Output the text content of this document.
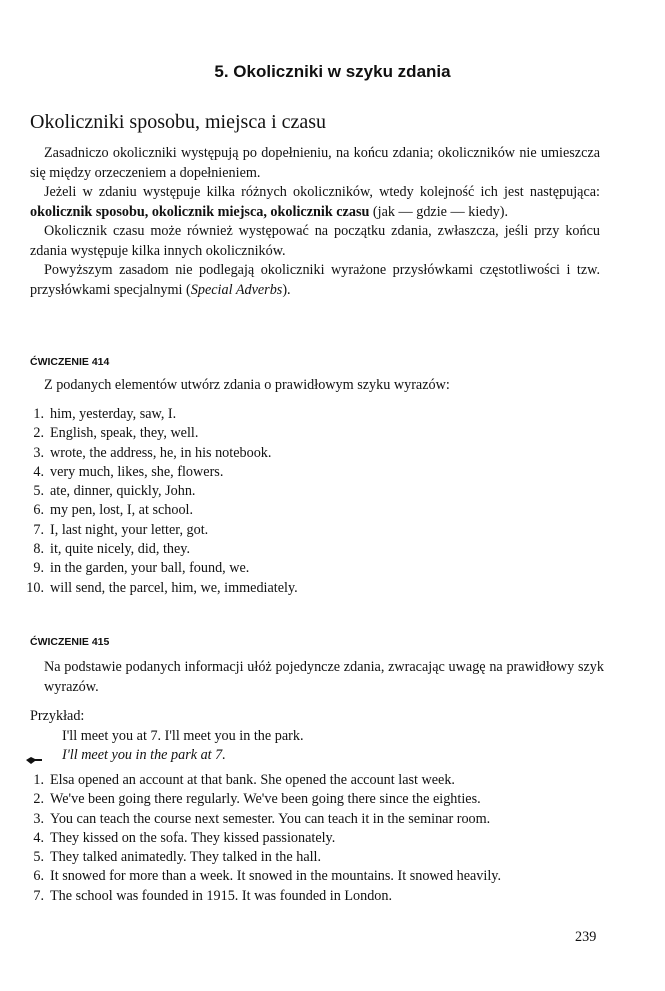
5. Okoliczniki w szyku zdania
Okoliczniki sposobu, miejsca i czasu

Zasadniczo okoliczniki występują po dopełnieniu, na końcu zdania; okoliczników nie umieszcza się między orzeczeniem a dopełnieniem.

Jeżeli w zdaniu występuje kilka różnych okoliczników, wtedy kolejność ich jest następująca: okolicznik sposobu, okolicznik miejsca, okolicznik czasu (jak — gdzie — kiedy).

Okolicznik czasu może również występować na początku zdania, zwłaszcza, jeśli przy końcu zdania występuje kilka innych okoliczników.

Powyższym zasadom nie podlegają okoliczniki wyrażone przysłówkami częstotliwości i tzw. przysłówkami specjalnymi (Special Adverbs).

ĆWICZENIE 414
Z podanych elementów utwórz zdania o prawidłowym szyku wyrazów:
1. him, yesterday, saw, I.
2. English, speak, they, well.
3. wrote, the address, he, in his notebook.
4. very much, likes, she, flowers.
5. ate, dinner, quickly, John.
6. my pen, lost, I, at school.
7. I, last night, your letter, got.
8. it, quite nicely, did, they.
9. in the garden, your ball, found, we.
10. will send, the parcel, him, we, immediately.
ĆWICZENIE 415
Na podstawie podanych informacji ułóż pojedyncze zdania, zwracając uwagę na prawidłowy szyk wyrazów.
Przykład:
I'll meet you at 7. I'll meet you in the park.
I'll meet you in the park at 7.
1. Elsa opened an account at that bank. She opened the account last week.
2. We've been going there regularly. We've been going there since the eighties.
3. You can teach the course next semester. You can teach it in the seminar room.
4. They kissed on the sofa. They kissed passionately.
5. They talked animatedly. They talked in the hall.
6. It snowed for more than a week. It snowed in the mountains. It snowed heavily.
7. The school was founded in 1915. It was founded in London.
239
